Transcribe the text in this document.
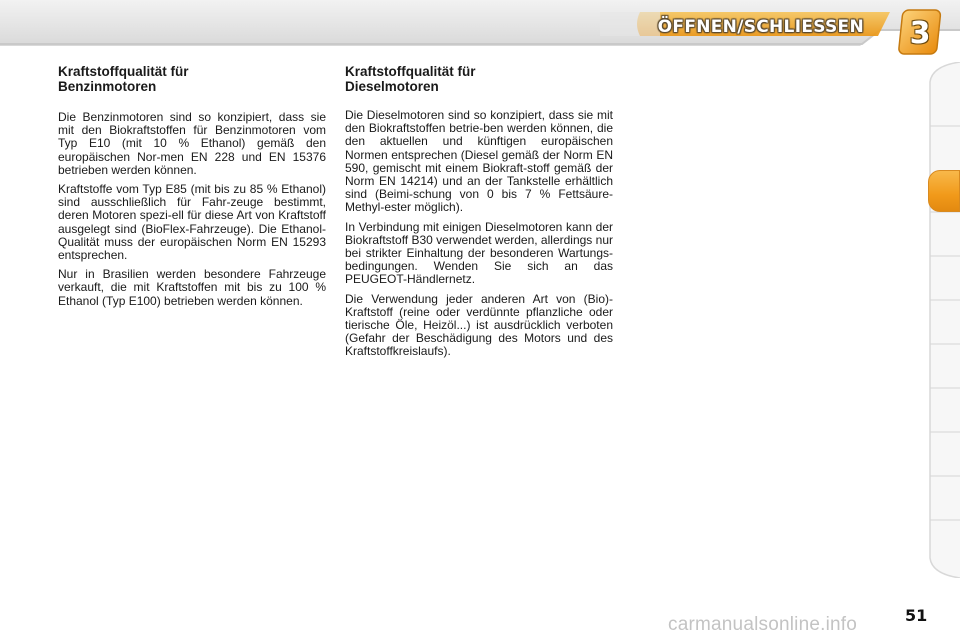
ÖFFNEN/SCHLIESSEN 3
Kraftstoffqualität für
Benzinmotoren

Die Benzinmotoren sind so konzipiert, dass sie mit den Biokraftstoffen für Benzinmotoren vom Typ E10 (mit 10 % Ethanol) gemäß den europäischen Nor-men EN 228 und EN 15376 betrieben werden können.

Kraftstoffe vom Typ E85 (mit bis zu 85 % Ethanol) sind ausschließlich für Fahr-zeuge bestimmt, deren Motoren spezi-ell für diese Art von Kraftstoff ausgelegt sind (BioFlex-Fahrzeuge). Die Ethanol-Qualität muss der europäischen Norm EN 15293 entsprechen.

Nur in Brasilien werden besondere Fahrzeuge verkauft, die mit Kraftstoffen mit bis zu 100 % Ethanol (Typ E100) betrieben werden können.

Kraftstoffqualität für
Dieselmotoren

Die Dieselmotoren sind so konzipiert, dass sie mit den Biokraftstoffen betrie-ben werden können, die den aktuellen und künftigen europäischen Normen entsprechen (Diesel gemäß der Norm EN 590, gemischt mit einem Biokraft-stoff gemäß der Norm EN 14214) und an der Tankstelle erhältlich sind (Beimi-schung von 0 bis 7 % Fettsäure-Methyl-ester möglich).

In Verbindung mit einigen Dieselmotoren kann der Biokraftstoff B30 verwendet werden, allerdings nur bei strikter Einhaltung der besonderen Wartungs-bedingungen. Wenden Sie sich an das PEUGEOT-Händlernetz.

Die Verwendung jeder anderen Art von (Bio)-Kraftstoff (reine oder verdünnte pflanzliche oder tierische Öle, Heizöl...) ist ausdrücklich verboten (Gefahr der Beschädigung des Motors und des Kraftstoffkreislaufs).

51
carmanualsonline.info
